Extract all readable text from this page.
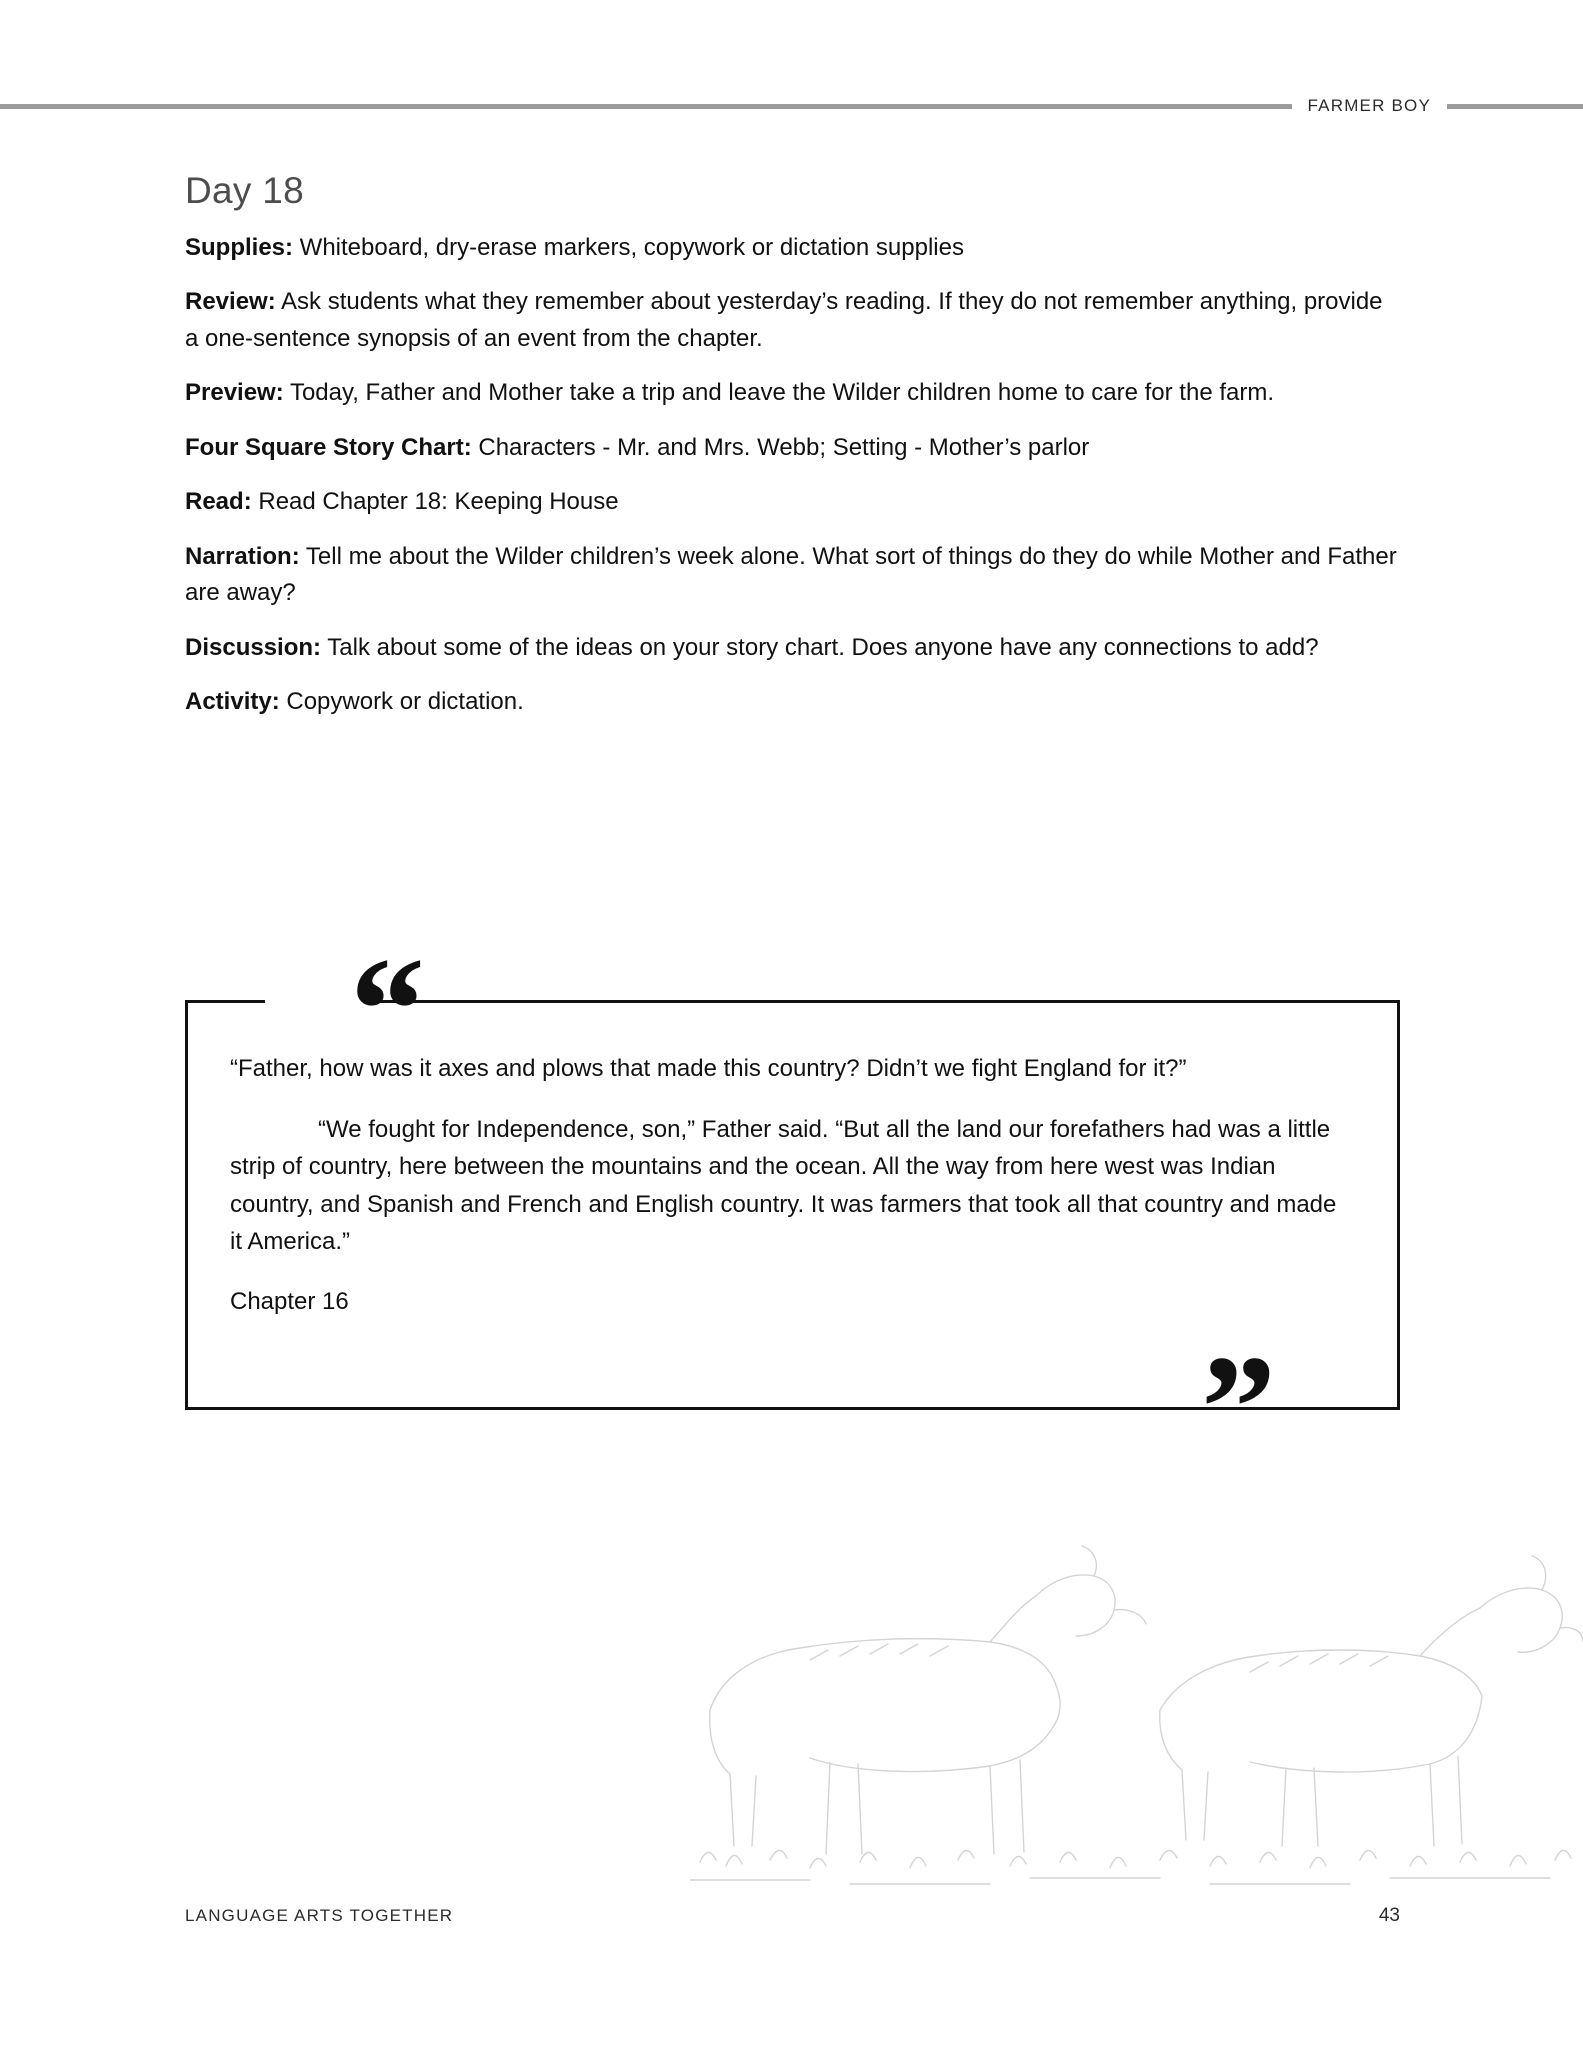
FARMER BOY
Day 18

Supplies: Whiteboard, dry-erase markers, copywork or dictation supplies

Review: Ask students what they remember about yesterday’s reading. If they do not remember anything, provide a one-sentence synopsis of an event from the chapter.

Preview: Today, Father and Mother take a trip and leave the Wilder children home to care for the farm.

Four Square Story Chart: Characters - Mr. and Mrs. Webb; Setting - Mother’s parlor

Read: Read Chapter 18: Keeping House

Narration: Tell me about the Wilder children’s week alone. What sort of things do they do while Mother and Father are away?

Discussion: Talk about some of the ideas on your story chart. Does anyone have any connections to add?

Activity: Copywork or dictation.

“

“Father, how was it axes and plows that made this country? Didn’t we fight England for it?”

“We fought for Independence, son,” Father said. “But all the land our forefathers had was a little strip of country, here between the mountains and the ocean. All the way from here west was Indian country, and Spanish and French and English country. It was farmers that took all that country and made it America.”

Chapter 16

”
LANGUAGE ARTS TOGETHER	43
